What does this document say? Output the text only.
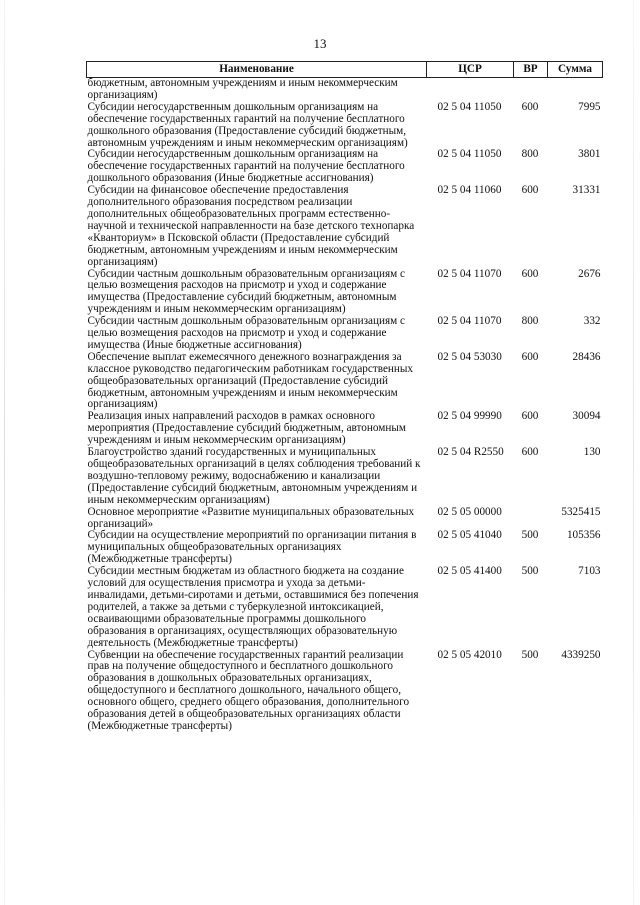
13
Наименование	ЦСР	ВР	Сумма
бюджетным, автономным учреждениям и иным некоммерческим организациям)			
Субсидии негосударственным дошкольным организациям на обеспечение государственных гарантий на получение бесплатного дошкольного образования (Предоставление субсидий бюджетным, автономным учреждениям и иным некоммерческим организациям)	02 5 04 11050	600	7995
Субсидии негосударственным дошкольным организациям на обеспечение государственных гарантий на получение бесплатного дошкольного образования (Иные бюджетные ассигнования)	02 5 04 11050	800	3801
Субсидии на финансовое обеспечение предоставления дополнительного образования посредством реализации дополнительных общеобразовательных программ естественно-научной и технической направленности на базе детского технопарка «Кванториум» в Псковской области (Предоставление субсидий бюджетным, автономным учреждениям и иным некоммерческим организациям)	02 5 04 11060	600	31331
Субсидии частным дошкольным образовательным организациям с целью возмещения расходов на присмотр и уход и содержание имущества (Предоставление субсидий бюджетным, автономным учреждениям и иным некоммерческим организациям)	02 5 04 11070	600	2676
Субсидии частным дошкольным образовательным организациям с целью возмещения расходов на присмотр и уход и содержание имущества (Иные бюджетные ассигнования)	02 5 04 11070	800	332
Обеспечение выплат ежемесячного денежного вознаграждения за классное руководство педагогическим работникам государственных общеобразовательных организаций (Предоставление субсидий бюджетным, автономным учреждениям и иным некоммерческим организациям)	02 5 04 53030	600	28436
Реализация иных направлений расходов в рамках основного мероприятия (Предоставление субсидий бюджетным, автономным учреждениям и иным некоммерческим организациям)	02 5 04 99990	600	30094
Благоустройство зданий государственных и муниципальных общеобразовательных организаций в целях соблюдения требований к воздушно-тепловому режиму, водоснабжению и канализации (Предоставление субсидий бюджетным, автономным учреждениям и иным некоммерческим организациям)	02 5 04 R2550	600	130
Основное мероприятие «Развитие муниципальных образовательных организаций»	02 5 05 00000		5325415
Субсидии на осуществление мероприятий по организации питания в муниципальных общеобразовательных организациях (Межбюджетные трансферты)	02 5 05 41040	500	105356
Субсидии местным бюджетам из областного бюджета на создание условий для осуществления присмотра и ухода за детьми-инвалидами, детьми-сиротами и детьми, оставшимися без попечения родителей, а также за детьми с туберкулезной интоксикацией, осваивающими образовательные программы дошкольного образования в организациях, осуществляющих образовательную деятельность (Межбюджетные трансферты)	02 5 05 41400	500	7103
Субвенции на обеспечение государственных гарантий реализации прав на получение общедоступного и бесплатного дошкольного образования в дошкольных образовательных организациях, общедоступного и бесплатного дошкольного, начального общего, основного общего, среднего общего образования, дополнительного образования детей в общеобразовательных организациях области (Межбюджетные трансферты)	02 5 05 42010	500	4339250
